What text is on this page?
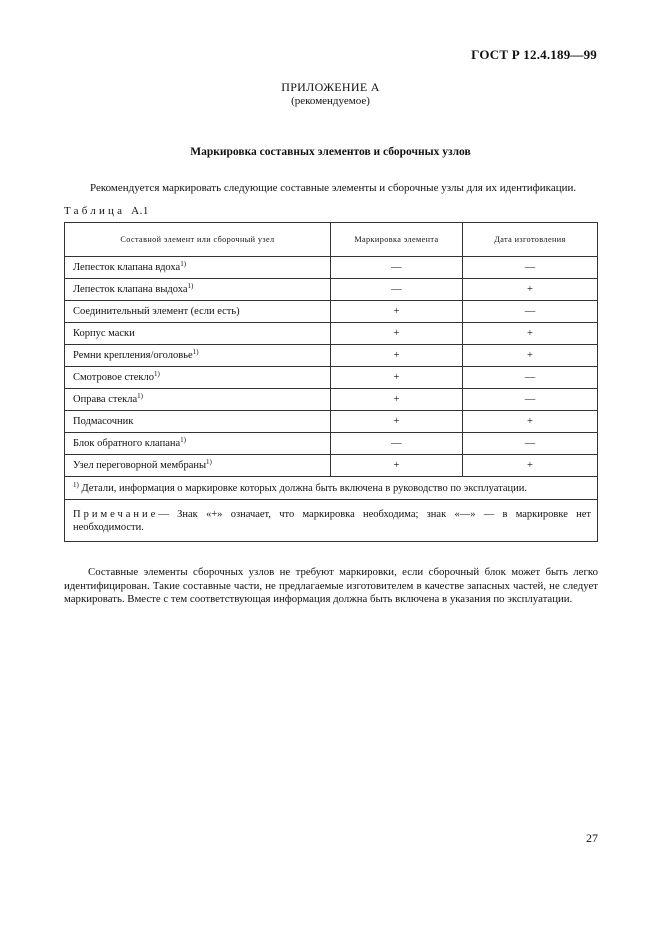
ГОСТ Р 12.4.189—99
ПРИЛОЖЕНИЕ А
(рекомендуемое)
Маркировка составных элементов и сборочных узлов
Рекомендуется маркировать следующие составные элементы и сборочные узлы для их идентификации.
Таблица А.1
Составной элемент или сборочный узел	Маркировка элемента	Дата изготовления
Лепесток клапана вдоха$^{1)}$	—	—
Лепесток клапана выдоха$^{1)}$	—	+
Соединительный элемент (если есть)	+	—
Корпус маски	+	+
Ремни крепления/оголовье$^{1)}$	+	+
Смотровое стекло$^{1)}$	+	—
Оправа стекла$^{1)}$	+	—
Подмасочник	+	+
Блок обратного клапана$^{1)}$	—	—
Узел переговорной мембраны$^{1)}$	+	+
$^{1)}$ Детали, информация о маркировке которых должна быть включена в руководство по эксплуатации.		
Примечание— Знак «+» означает, что маркировка необходима; знак «—» — в маркировке нет необходимости.		
Составные элементы сборочных узлов не требуют маркировки, если сборочный блок может быть легко идентифицирован. Такие составные части, не предлагаемые изготовителем в качестве запасных частей, не следует маркировать. Вместе с тем соответствующая информация должна быть включена в указания по эксплуатации.
27
